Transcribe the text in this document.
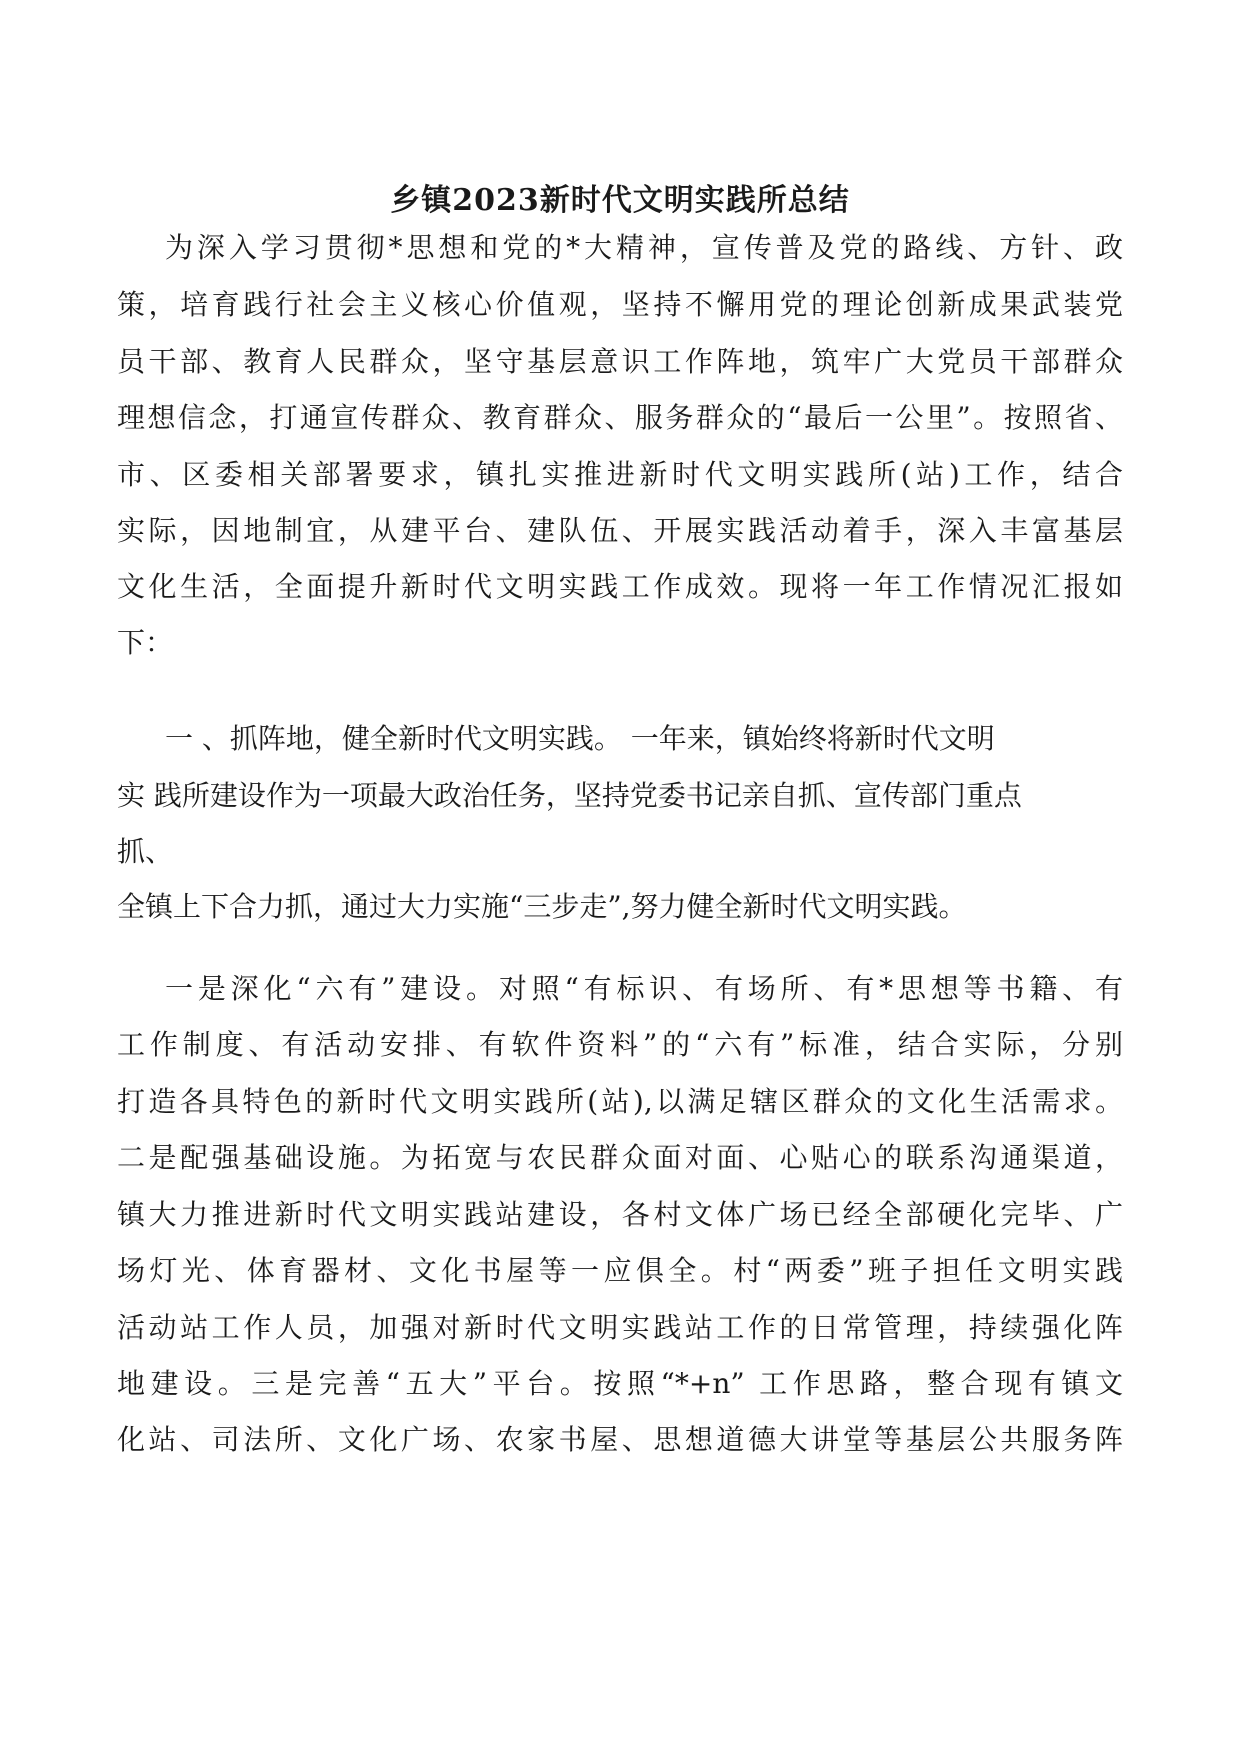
乡镇2023新时代文明实践所总结
为深入学习贯彻*思想和党的*大精神，宣传普及党的路线、方针、政
策，培育践行社会主义核心价值观，坚持不懈用党的理论创新成果武装党
员干部、教育人民群众，坚守基层意识工作阵地，筑牢广大党员干部群众
理想信念，打通宣传群众、教育群众、服务群众的“最后一公里”。按照省、
市、区委相关部署要求，镇扎实推进新时代文明实践所(站)工作，结合
实际，因地制宜，从建平台、建队伍、开展实践活动着手，深入丰富基层
文化生活，全面提升新时代文明实践工作成效。现将一年工作情况汇报如
下：
一 、抓阵地，健全新时代文明实践。 一年来，镇始终将新时代文明
实 践所建设作为一项最大政治任务，坚持党委书记亲自抓、宣传部门重点
抓、
全镇上下合力抓，通过大力实施“三步走”,努力健全新时代文明实践。
一是深化“六有”建设。对照“有标识、有场所、有*思想等书籍、有
工作制度、有活动安排、有软件资料”的“六有”标准，结合实际，分别
打造各具特色的新时代文明实践所(站),以满足辖区群众的文化生活需求。
二是配强基础设施。为拓宽与农民群众面对面、心贴心的联系沟通渠道，
镇大力推进新时代文明实践站建设，各村文体广场已经全部硬化完毕、广
场灯光、体育器材、文化书屋等一应俱全。村“两委”班子担任文明实践
活动站工作人员，加强对新时代文明实践站工作的日常管理，持续强化阵
地建设。三是完善“五大”平台。按照“*+n” 工作思路，整合现有镇文
化站、司法所、文化广场、农家书屋、思想道德大讲堂等基层公共服务阵
